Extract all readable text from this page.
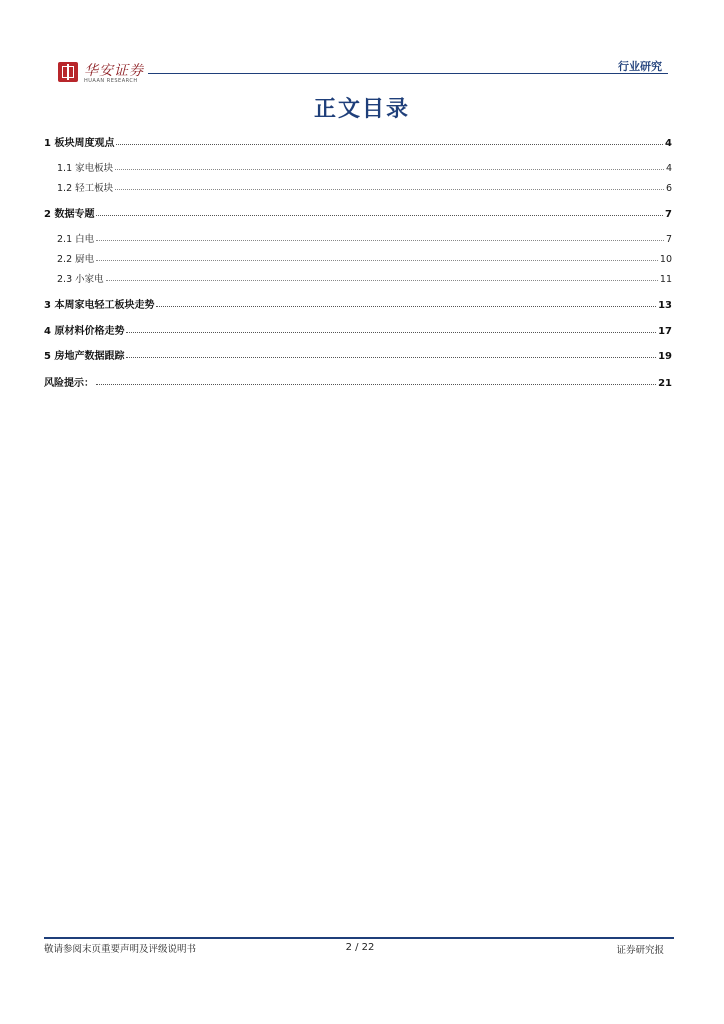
华安证券
HUAAN RESEARCH
行业研究
正文目录
1 板块周度观点	4
1.1 家电板块	4
1.2 轻工板块	6
2 数据专题	7
2.1 白电	7
2.2 厨电	10
2.3 小家电	11
3 本周家电轻工板块走势	13
4 原材料价格走势	17
5 房地产数据跟踪	19
风险提示：	21
敬请参阅末页重要声明及评级说明书	2 / 22	证券研究报
